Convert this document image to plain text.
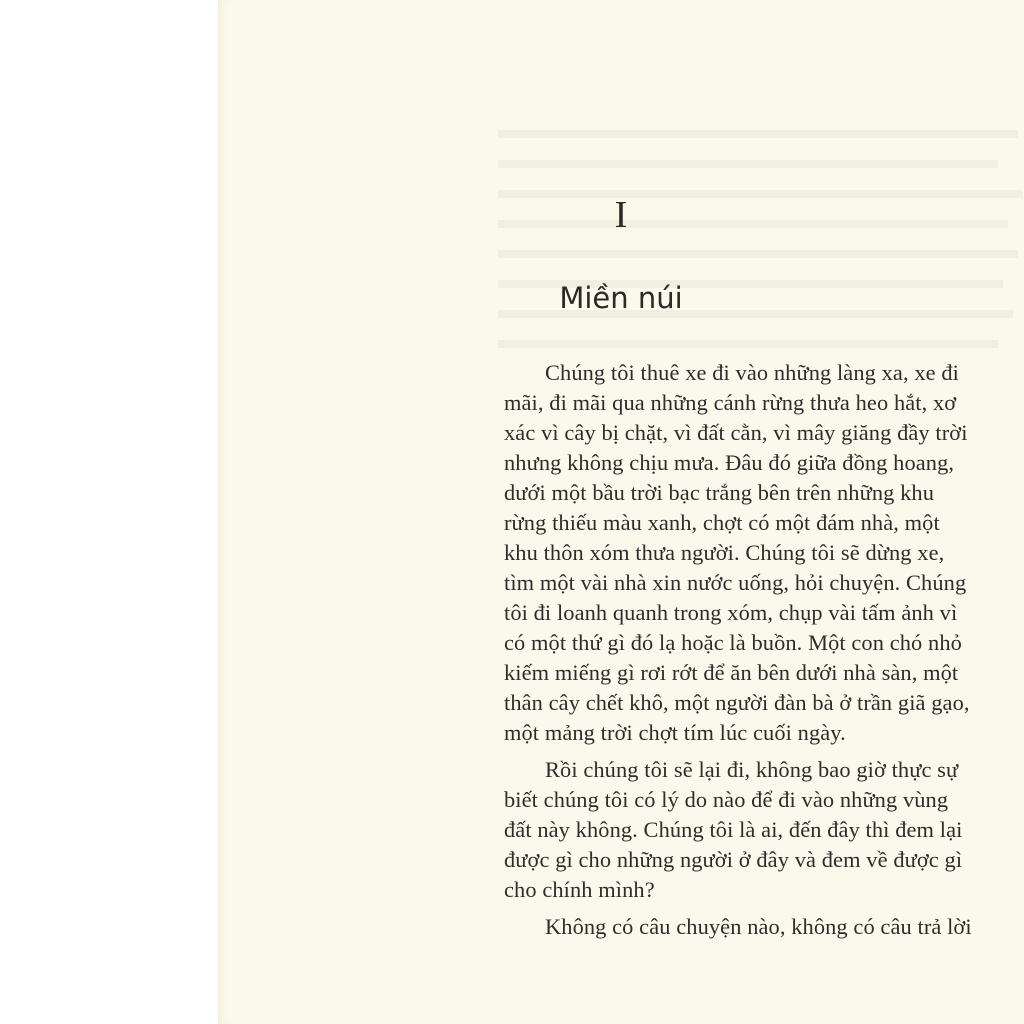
I
Miền núi
Chúng tôi thuê xe đi vào những làng xa, xe đi
mãi, đi mãi qua những cánh rừng thưa heo hắt, xơ
xác vì cây bị chặt, vì đất cằn, vì mây giăng đầy trời
nhưng không chịu mưa. Đâu đó giữa đồng hoang,
dưới một bầu trời bạc trắng bên trên những khu
rừng thiếu màu xanh, chợt có một đám nhà, một
khu thôn xóm thưa người. Chúng tôi sẽ dừng xe,
tìm một vài nhà xin nước uống, hỏi chuyện. Chúng
tôi đi loanh quanh trong xóm, chụp vài tấm ảnh vì
có một thứ gì đó lạ hoặc là buồn. Một con chó nhỏ
kiếm miếng gì rơi rớt để ăn bên dưới nhà sàn, một
thân cây chết khô, một người đàn bà ở trần giã gạo,
một mảng trời chợt tím lúc cuối ngày.
Rồi chúng tôi sẽ lại đi, không bao giờ thực sự
biết chúng tôi có lý do nào để đi vào những vùng
đất này không. Chúng tôi là ai, đến đây thì đem lại
được gì cho những người ở đây và đem về được gì
cho chính mình?
Không có câu chuyện nào, không có câu trả lời
